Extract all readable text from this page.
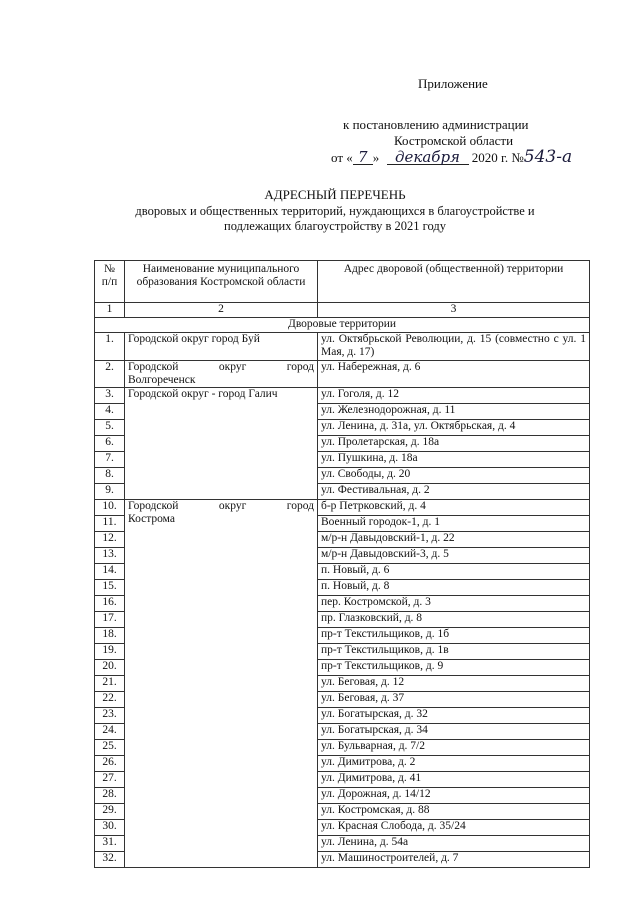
Приложение
к постановлению администрации
Костромской области
от « 7 » декабря 2020 г. №543-а
АДРЕСНЫЙ ПЕРЕЧЕНЬ
дворовых и общественных территорий, нуждающихся в благоустройстве и
подлежащих благоустройству в 2021 году
№ п/п	Наименование муниципального образования Костромской области	Адрес дворовой (общественной) территории
1	2	3
Дворовые территории		
1.	Городской округ город Буй	ул. Октябрьской Революции, д. 15 (совместно с ул. 1 Мая, д. 17)
2.	Городской округ город Волгореченск	ул. Набережная, д. 6
3.	Городской округ - город Галич	ул. Гоголя, д. 12
4.		ул. Железнодорожная, д. 11
5.		ул. Ленина, д. 31а, ул. Октябрьская, д. 4
6.		ул. Пролетарская, д. 18а
7.		ул. Пушкина, д. 18а
8.		ул. Свободы, д. 20
9.		ул. Фестивальная, д. 2
10.	Городской округ город Кострома	б-р Петрковский, д. 4
11.		Военный городок-1, д. 1
12.		м/р-н Давыдовский-1, д. 22
13.		м/р-н Давыдовский-3, д. 5
14.		п. Новый, д. 6
15.		п. Новый, д. 8
16.		пер. Костромской, д. 3
17.		пр. Глазковский, д. 8
18.		пр-т Текстильщиков, д. 1б
19.		пр-т Текстильщиков, д. 1в
20.		пр-т Текстильщиков, д. 9
21.		ул. Беговая, д. 12
22.		ул. Беговая, д. 37
23.		ул. Богатырская, д. 32
24.		ул. Богатырская, д. 34
25.		ул. Бульварная, д. 7/2
26.		ул. Димитрова, д. 2
27.		ул. Димитрова, д. 41
28.		ул. Дорожная, д. 14/12
29.		ул. Костромская, д. 88
30.		ул. Красная Слобода, д. 35/24
31.		ул. Ленина, д. 54а
32.		ул. Машиностроителей, д. 7
